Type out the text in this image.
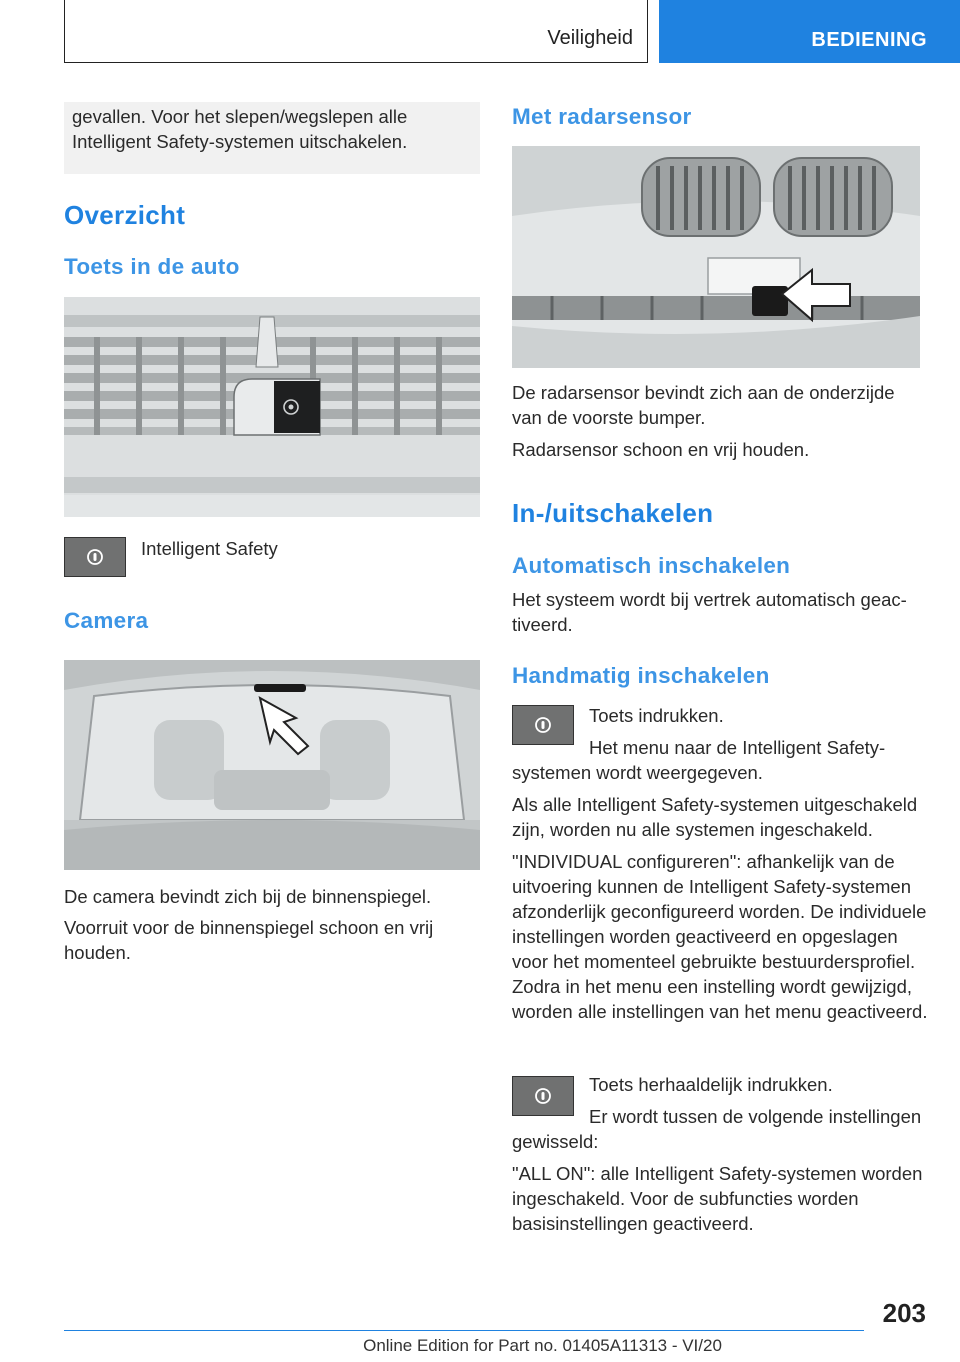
Veiligheid	BEDIENING
gevallen. Voor het slepen/wegslepen alle Intelligent Safety-systemen uitschakelen.
Overzicht
Toets in de auto
Intelligent Safety
Camera
De camera bevindt zich bij de binnenspiegel.
Voorruit voor de binnenspiegel schoon en vrij houden.
Met radarsensor
De radarsensor bevindt zich aan de onderzijde van de voorste bumper.
Radarsensor schoon en vrij houden.
In-/uitschakelen
Automatisch inschakelen
Het systeem wordt bij vertrek automatisch geactiveerd.
Handmatig inschakelen
Toets indrukken.
Het menu naar de Intelligent Safety-systemen wordt weergegeven.
Als alle Intelligent Safety-systemen uitgeschakeld zijn, worden nu alle systemen ingeschakeld.
"INDIVIDUAL configureren": afhankelijk van de uitvoering kunnen de Intelligent Safety-systemen afzonderlijk geconfigureerd worden. De individuele instellingen worden geactiveerd en opgeslagen voor het momenteel gebruikte bestuurdersprofiel. Zodra in het menu een instelling wordt gewijzigd, worden alle instellingen van het menu geactiveerd.
Toets herhaaldelijk indrukken.
Er wordt tussen de volgende instellingen gewisseld:
"ALL ON": alle Intelligent Safety-systemen worden ingeschakeld. Voor de subfuncties worden basisinstellingen geactiveerd.
203
Online Edition for Part no. 01405A11313 - VI/20
